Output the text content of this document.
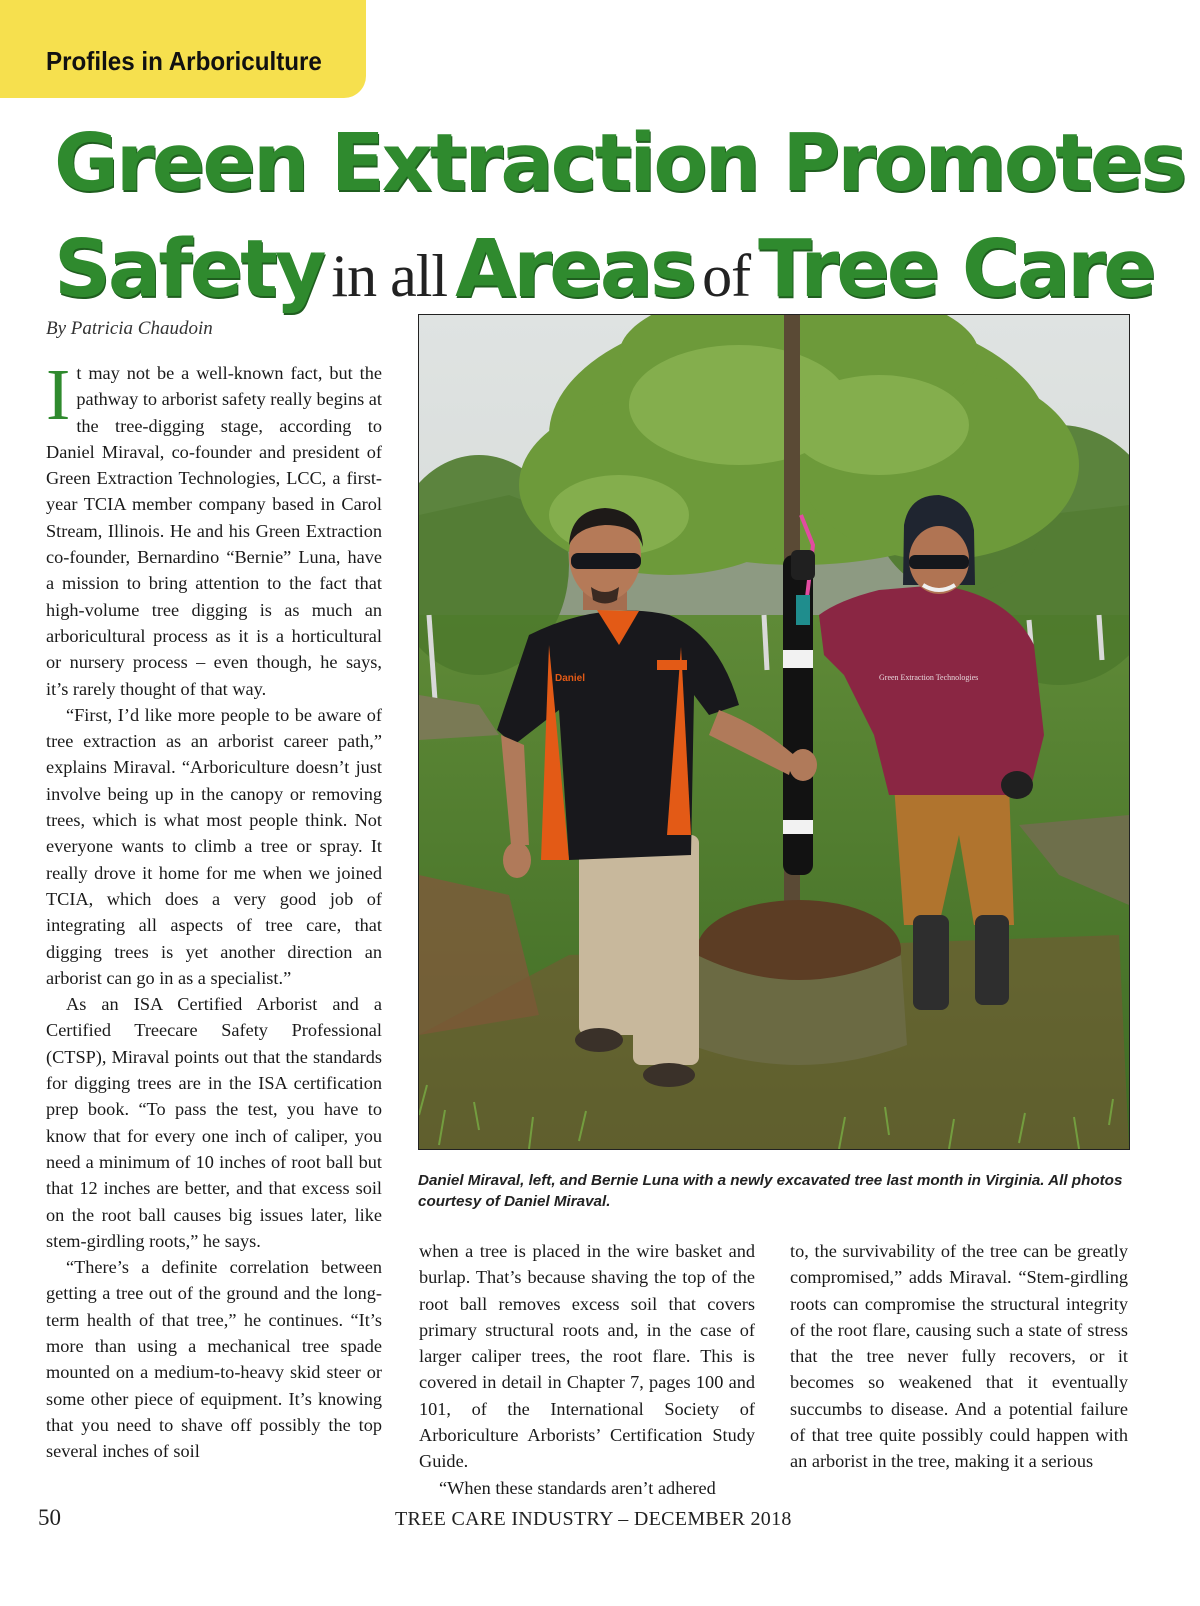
Profiles in Arboriculture
Green Extraction Promotes
Safety in all Areas of Tree Care
By Patricia Chaudoin

It may not be a well-known fact, but the pathway to arborist safety really begins at the tree-digging stage, according to Daniel Miraval, co-founder and president of Green Extraction Technologies, LCC, a first-year TCIA member company based in Carol Stream, Illinois. He and his Green Extraction co-founder, Bernardino “Bernie” Luna, have a mission to bring attention to the fact that high-volume tree digging is as much an arboricultural process as it is a horticultural or nursery process – even though, he says, it’s rarely thought of that way.

“First, I’d like more people to be aware of tree extraction as an arborist career path,” explains Miraval. “Arboriculture doesn’t just involve being up in the canopy or removing trees, which is what most people think. Not everyone wants to climb a tree or spray. It really drove it home for me when we joined TCIA, which does a very good job of integrating all aspects of tree care, that digging trees is yet another direction an arborist can go in as a specialist.”

As an ISA Certified Arborist and a Certified Treecare Safety Professional (CTSP), Miraval points out that the standards for digging trees are in the ISA certification prep book. “To pass the test, you have to know that for every one inch of caliper, you need a minimum of 10 inches of root ball but that 12 inches are better, and that excess soil on the root ball causes big issues later, like stem-girdling roots,” he says.

“There’s a definite correlation between getting a tree out of the ground and the long-term health of that tree,” he continues. “It’s more than using a mechanical tree spade mounted on a medium-to-heavy skid steer or some other piece of equipment. It’s knowing that you need to shave off possibly the top several inches of soil

Daniel	Green Extraction Technologies
Daniel Miraval, left, and Bernie Luna with a newly excavated tree last month in Virginia. All photos courtesy of Daniel Miraval.

when a tree is placed in the wire basket and burlap. That’s because shaving the top of the root ball removes excess soil that covers primary structural roots and, in the case of larger caliper trees, the root flare. This is covered in detail in Chapter 7, pages 100 and 101, of the International Society of Arboriculture Arborists’ Certification Study Guide.

“When these standards aren’t adhered

to, the survivability of the tree can be greatly compromised,” adds Miraval. “Stem-girdling roots can compromise the structural integrity of the root flare, causing such a state of stress that the tree never fully recovers, or it becomes so weakened that it eventually succumbs to disease. And a potential failure of that tree quite possibly could happen with an arborist in the tree, making it a serious

50	TREE CARE INDUSTRY – DECEMBER 2018
